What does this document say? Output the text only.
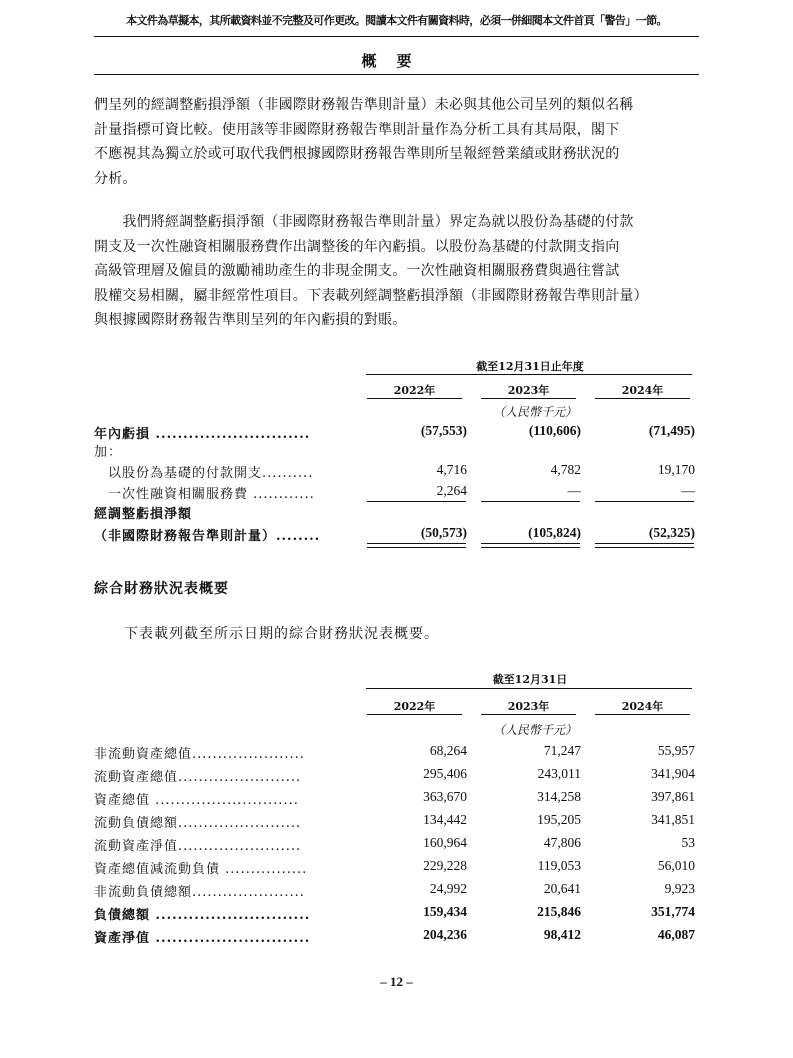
本文件為草擬本，其所載資料並不完整及可作更改。閱讀本文件有關資料時，必須一併細閱本文件首頁「警告」一節。
概要
們呈列的經調整虧損淨額（非國際財務報告準則計量）未必與其他公司呈列的類似名稱
計量指標可資比較。使用該等非國際財務報告準則計量作為分析工具有其局限，閣下
不應視其為獨立於或可取代我們根據國際財務報告準則所呈報經營業績或財務狀況的
分析。
　　我們將經調整虧損淨額（非國際財務報告準則計量）界定為就以股份為基礎的付款
開支及一次性融資相關服務費作出調整後的年內虧損。以股份為基礎的付款開支指向
高級管理層及僱員的激勵補助產生的非現金開支。一次性融資相關服務費與過往嘗試
股權交易相關，屬非經常性項目。下表載列經調整虧損淨額（非國際財務報告準則計量）
與根據國際財務報告準則呈列的年內虧損的對賬。
截至12月31日止年度
2022年	2023年	2024年
（人民幣千元）
年內虧損 ............................	(57,553)	(110,606)	(71,495)
加：
以股份為基礎的付款開支..........	4,716	4,782	19,170
一次性融資相關服務費 ............	2,264	—	—
經調整虧損淨額
（非國際財務報告準則計量）........	(50,573)	(105,824)	(52,325)
綜合財務狀況表概要
下表載列截至所示日期的綜合財務狀況表概要。
截至12月31日
2022年	2023年	2024年
（人民幣千元）
非流動資產總值......................	68,264	71,247	55,957
流動資產總值........................	295,406	243,011	341,904
資產總值 ............................	363,670	314,258	397,861
流動負債總額........................	134,442	195,205	341,851
流動資產淨值........................	160,964	47,806	53
資產總值減流動負債 ................	229,228	119,053	56,010
非流動負債總額......................	24,992	20,641	9,923
負債總額 ............................	159,434	215,846	351,774
資產淨值 ............................	204,236	98,412	46,087
– 12 –
